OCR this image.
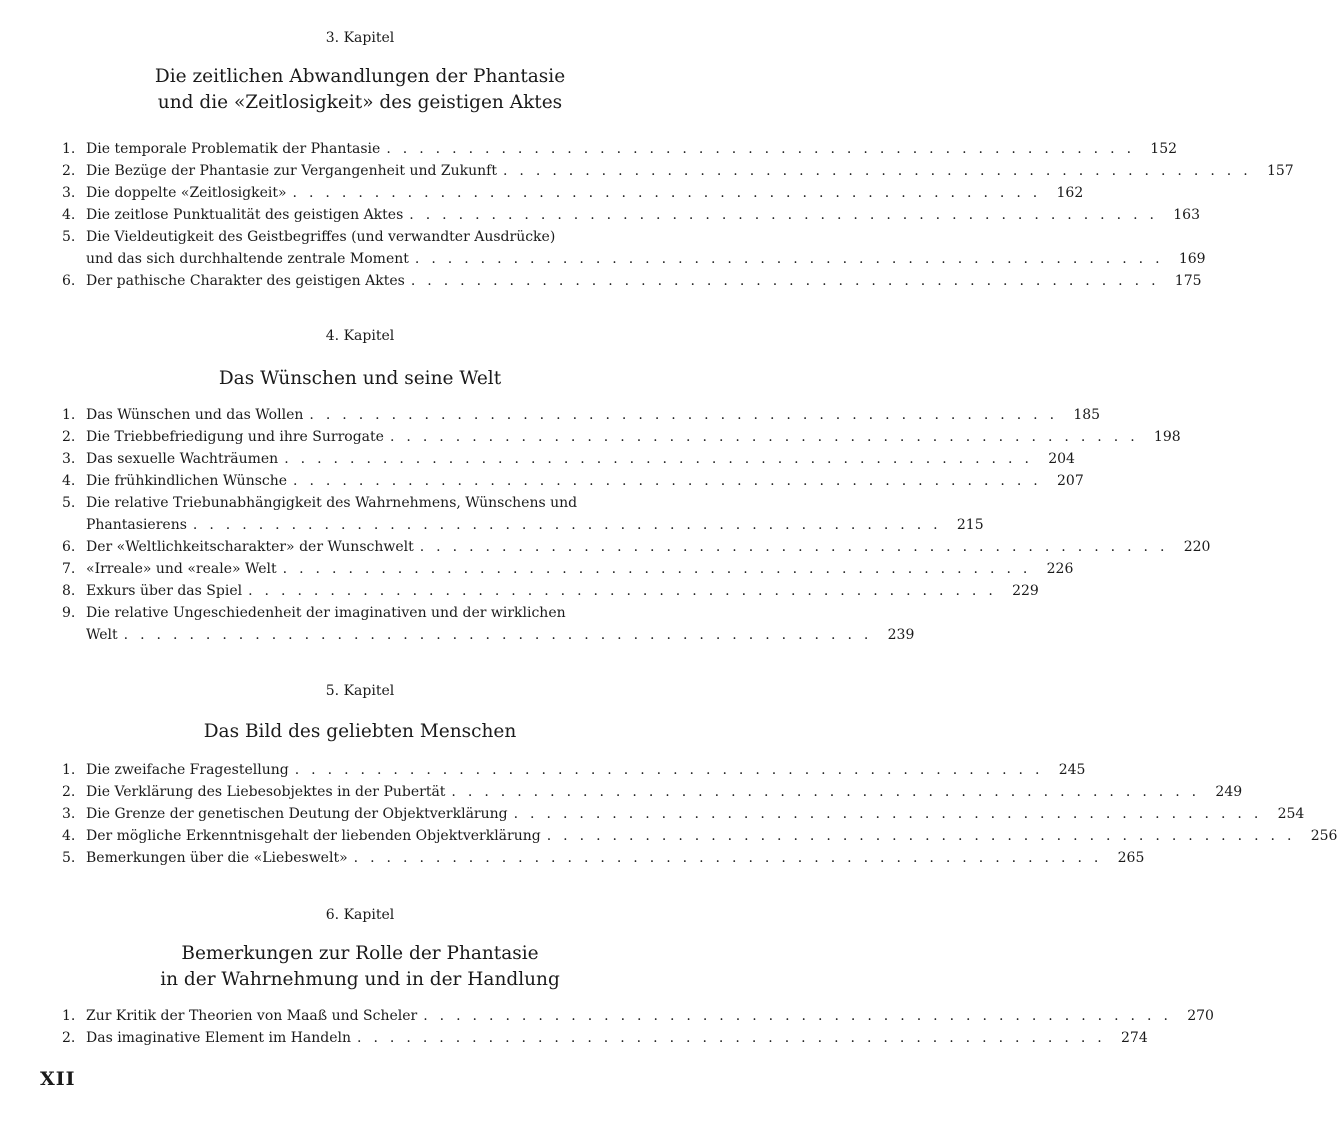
3. Kapitel
Die zeitlichen Abwandlungen der Phantasie
und die «Zeitlosigkeit» des geistigen Aktes
1. Die temporale Problematik der Phantasie .............................................. 152
2. Die Bezüge der Phantasie zur Vergangenheit und Zukunft .............................................. 157
3. Die doppelte «Zeitlosigkeit» .............................................. 162
4. Die zeitlose Punktualität des geistigen Aktes .............................................. 163
5. Die Vieldeutigkeit des Geistbegriffes (und verwandter Ausdrücke)
und das sich durchhaltende zentrale Moment .............................................. 169
6. Der pathische Charakter des geistigen Aktes .............................................. 175
4. Kapitel
Das Wünschen und seine Welt
1. Das Wünschen und das Wollen .............................................. 185
2. Die Triebbefriedigung und ihre Surrogate .............................................. 198
3. Das sexuelle Wachträumen .............................................. 204
4. Die frühkindlichen Wünsche .............................................. 207
5. Die relative Triebunabhängigkeit des Wahrnehmens, Wünschens und
Phantasierens .............................................. 215
6. Der «Weltlichkeitscharakter» der Wunschwelt .............................................. 220
7. «Irreale» und «reale» Welt .............................................. 226
8. Exkurs über das Spiel .............................................. 229
9. Die relative Ungeschiedenheit der imaginativen und der wirklichen
Welt .............................................. 239
5. Kapitel
Das Bild des geliebten Menschen
1. Die zweifache Fragestellung .............................................. 245
2. Die Verklärung des Liebesobjektes in der Pubertät .............................................. 249
3. Die Grenze der genetischen Deutung der Objektverklärung .............................................. 254
4. Der mögliche Erkenntnisgehalt der liebenden Objektverklärung .............................................. 256
5. Bemerkungen über die «Liebeswelt» .............................................. 265
6. Kapitel
Bemerkungen zur Rolle der Phantasie
in der Wahrnehmung und in der Handlung
1. Zur Kritik der Theorien von Maaß und Scheler .............................................. 270
2. Das imaginative Element im Handeln .............................................. 274
XII
